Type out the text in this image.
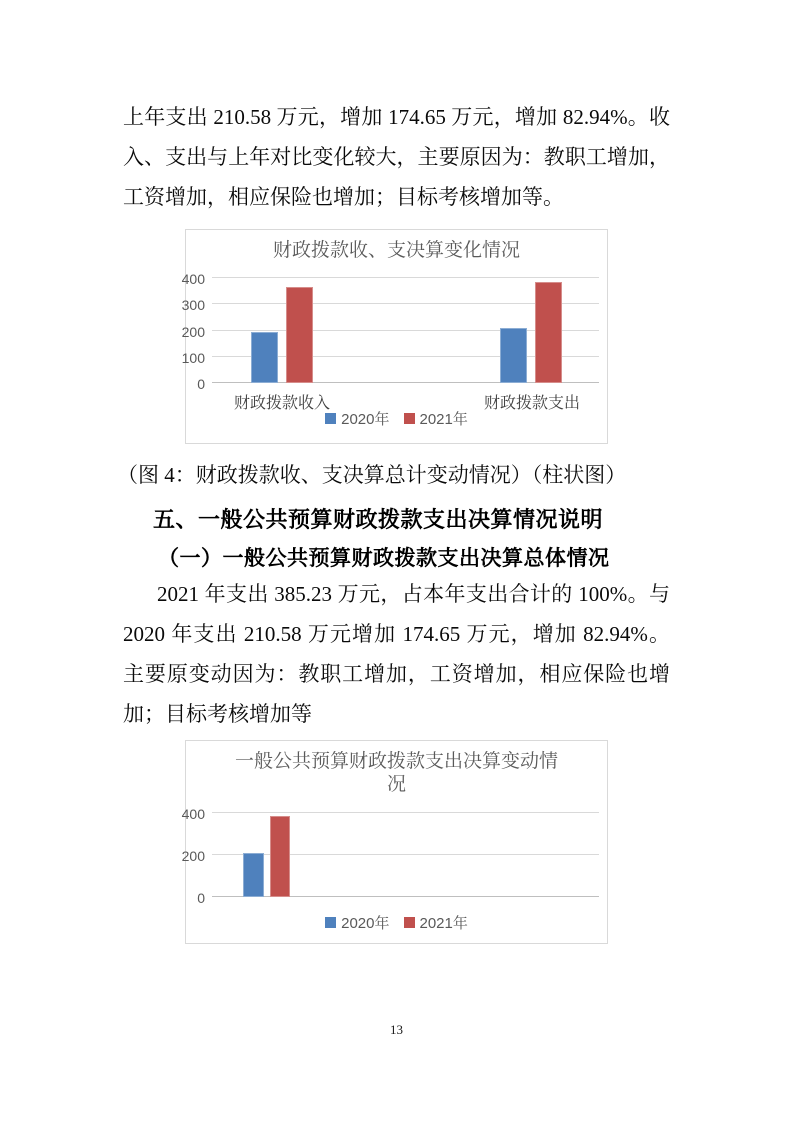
上年支出 210.58 万元，增加 174.65 万元，增加 82.94%。收入、支出与上年对比变化较大，主要原因为：教职工增加，工资增加，相应保险也增加；目标考核增加等。

财政拨款收、支决算变化情况
400
300
200
100
0
财政拨款收入	财政拨款支出
2020年 2021年

（图 4：财政拨款收、支决算总计变动情况）（柱状图）

五、一般公共预算财政拨款支出决算情况说明
（一）一般公共预算财政拨款支出决算总体情况

2021 年支出 385.23 万元，占本年支出合计的 100%。与 2020 年支出 210.58 万元增加 174.65 万元，增加 82.94%。主要原变动因为：教职工增加，工资增加，相应保险也增加；目标考核增加等

一般公共预算财政拨款支出决算变动情况
400
200
0
2020年 2021年
13
